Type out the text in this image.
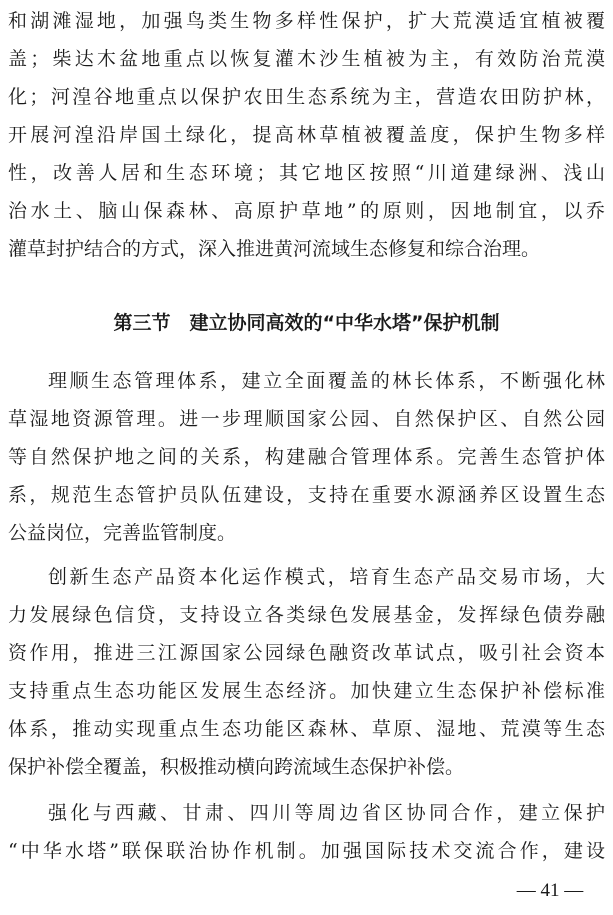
和湖滩湿地，加强鸟类生物多样性保护，扩大荒漠适宜植被覆
盖；柴达木盆地重点以恢复灌木沙生植被为主，有效防治荒漠
化；河湟谷地重点以保护农田生态系统为主，营造农田防护林，
开展河湟沿岸国土绿化，提高林草植被覆盖度，保护生物多样
性，改善人居和生态环境；其它地区按照“川道建绿洲、浅山
治水土、脑山保森林、高原护草地”的原则，因地制宜，以乔
灌草封护结合的方式，深入推进黄河流域生态修复和综合治理。
第三节　建立协同高效的“中华水塔”保护机制
理顺生态管理体系，建立全面覆盖的林长体系，不断强化林
草湿地资源管理。进一步理顺国家公园、自然保护区、自然公园
等自然保护地之间的关系，构建融合管理体系。完善生态管护体
系，规范生态管护员队伍建设，支持在重要水源涵养区设置生态
公益岗位，完善监管制度。
创新生态产品资本化运作模式，培育生态产品交易市场，大
力发展绿色信贷，支持设立各类绿色发展基金，发挥绿色债券融
资作用，推进三江源国家公园绿色融资改革试点，吸引社会资本
支持重点生态功能区发展生态经济。加快建立生态保护补偿标准
体系，推动实现重点生态功能区森林、草原、湿地、荒漠等生态
保护补偿全覆盖，积极推动横向跨流域生态保护补偿。
强化与西藏、甘肃、四川等周边省区协同合作，建立保护
“中华水塔”联保联治协作机制。加强国际技术交流合作，建设
— 41 —
